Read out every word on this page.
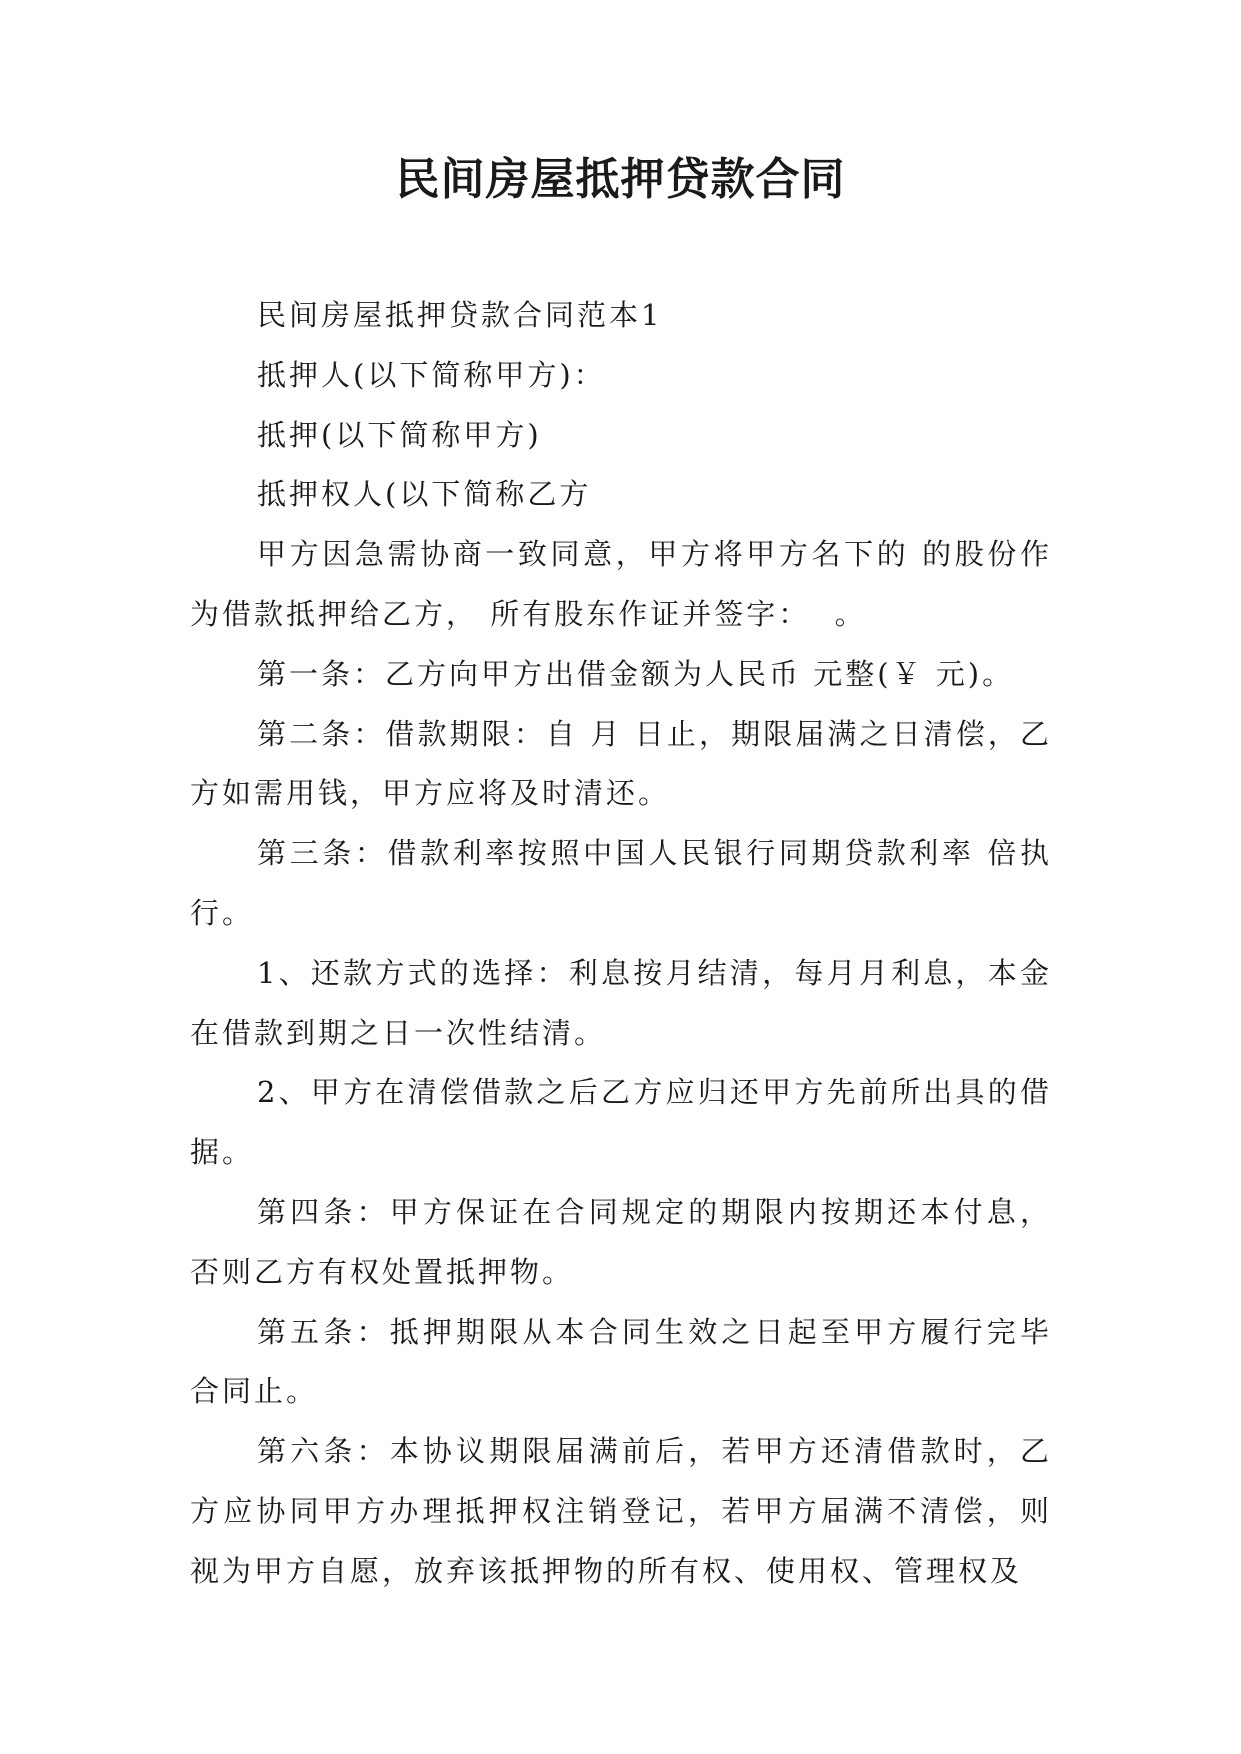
民间房屋抵押贷款合同

民间房屋抵押贷款合同范本1

抵押人(以下简称甲方)：

抵押(以下简称甲方)

抵押权人(以下简称乙方

甲方因急需协商一致同意，甲方将甲方名下的 的股份作为借款抵押给乙方， 所有股东作证并签字：  。

第一条：乙方向甲方出借金额为人民币 元整(￥ 元)。

第二条：借款期限：自 月 日止，期限届满之日清偿，乙方如需用钱，甲方应将及时清还。

第三条：借款利率按照中国人民银行同期贷款利率 倍执行。

1、还款方式的选择：利息按月结清，每月月利息，本金在借款到期之日一次性结清。

2、甲方在清偿借款之后乙方应归还甲方先前所出具的借据。

第四条：甲方保证在合同规定的期限内按期还本付息，否则乙方有权处置抵押物。

第五条：抵押期限从本合同生效之日起至甲方履行完毕合同止。

第六条：本协议期限届满前后，若甲方还清借款时，乙方应协同甲方办理抵押权注销登记，若甲方届满不清偿，则视为甲方自愿，放弃该抵押物的所有权、使用权、管理权及
